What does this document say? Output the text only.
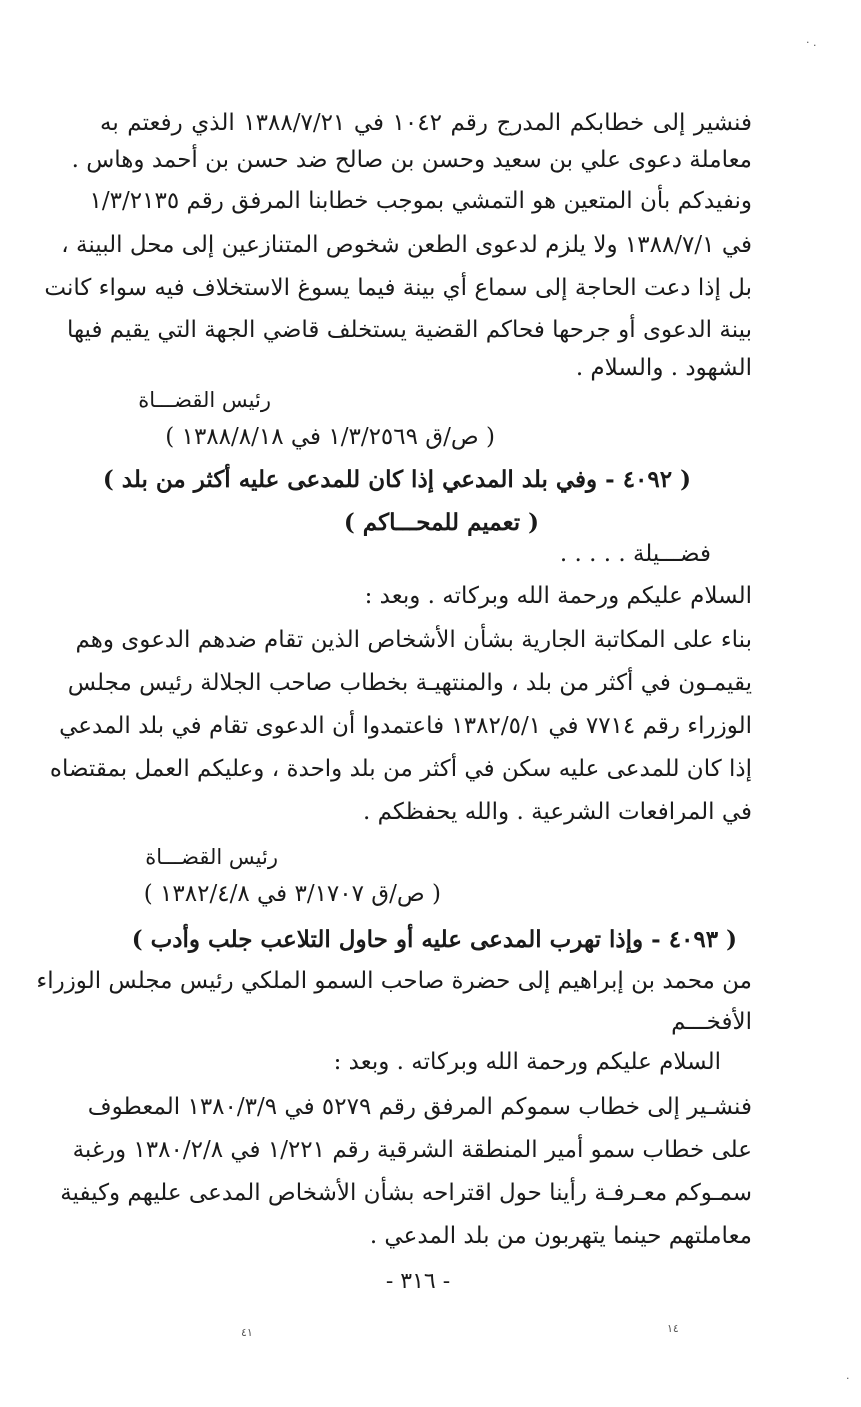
· .
فنشير إلى خطابكم المدرج رقم ١٠٤٢ في ١٣٨٨/٧/٢١ الذي رفعتم به
معاملة دعوى علي بن سعيد وحسن بن صالح ضد حسن بن أحمد وهاس .
ونفيدكم بأن المتعين هو التمشي بموجب خطابنا المرفق رقم ١/٣/٢١٣٥
في ١٣٨٨/٧/١ ولا يلزم لدعوى الطعن شخوص المتنازعين إلى محل البينة ،
بل إذا دعت الحاجة إلى سماع أي بينة فيما يسوغ الاستخلاف فيه سواء كانت
بينة الدعوى أو جرحها فحاكم القضية يستخلف قاضي الجهة التي يقيم فيها
الشهود . والسلام .
رئيس القضـــاة
( ص/ق ١/٣/٢٥٦٩ في ١٣٨٨/٨/١٨ )
( ٤٠٩٢ - وفي بلد المدعي إذا كان للمدعى عليه أكثر من بلد )
( تعميم للمحـــاكم )
فضـــيلة . . . . .
السلام عليكم ورحمة الله وبركاته . وبعد :
بناء على المكاتبة الجارية بشأن الأشخاص الذين تقام ضدهم الدعوى وهم
يقيمـون في أكثر من بلد ، والمنتهيـة بخطاب صاحب الجلالة رئيس مجلس
الوزراء رقم ٧٧١٤ في ١٣٨٢/٥/١ فاعتمدوا أن الدعوى تقام في بلد المدعي
إذا كان للمدعى عليه سكن في أكثر من بلد واحدة ، وعليكم العمل بمقتضاه
في المرافعات الشرعية . والله يحفظكم .
رئيس القضـــاة
( ص/ق ٣/١٧٠٧ في ١٣٨٢/٤/٨ )
( ٤٠٩٣ - وإذا تهرب المدعى عليه أو حاول التلاعب جلب وأدب )
من محمد بن إبراهيم إلى حضرة صاحب السمو الملكي رئيس مجلس الوزراء
الأفخـــم
السلام عليكم ورحمة الله وبركاته . وبعد :
فنشـير إلى خطاب سموكم المرفق رقم ٥٢٧٩ في ١٣٨٠/٣/٩ المعطوف
على خطاب سمو أمير المنطقة الشرقية رقم ١/٢٢١ في ١٣٨٠/٢/٨ ورغبة
سمـوكم معـرفـة رأينا حول اقتراحه بشأن الأشخاص المدعى عليهم وكيفية
معاملتهم حينما يتهربون من بلد المدعي .
- ٣١٦ -
٤١	١٤
·
